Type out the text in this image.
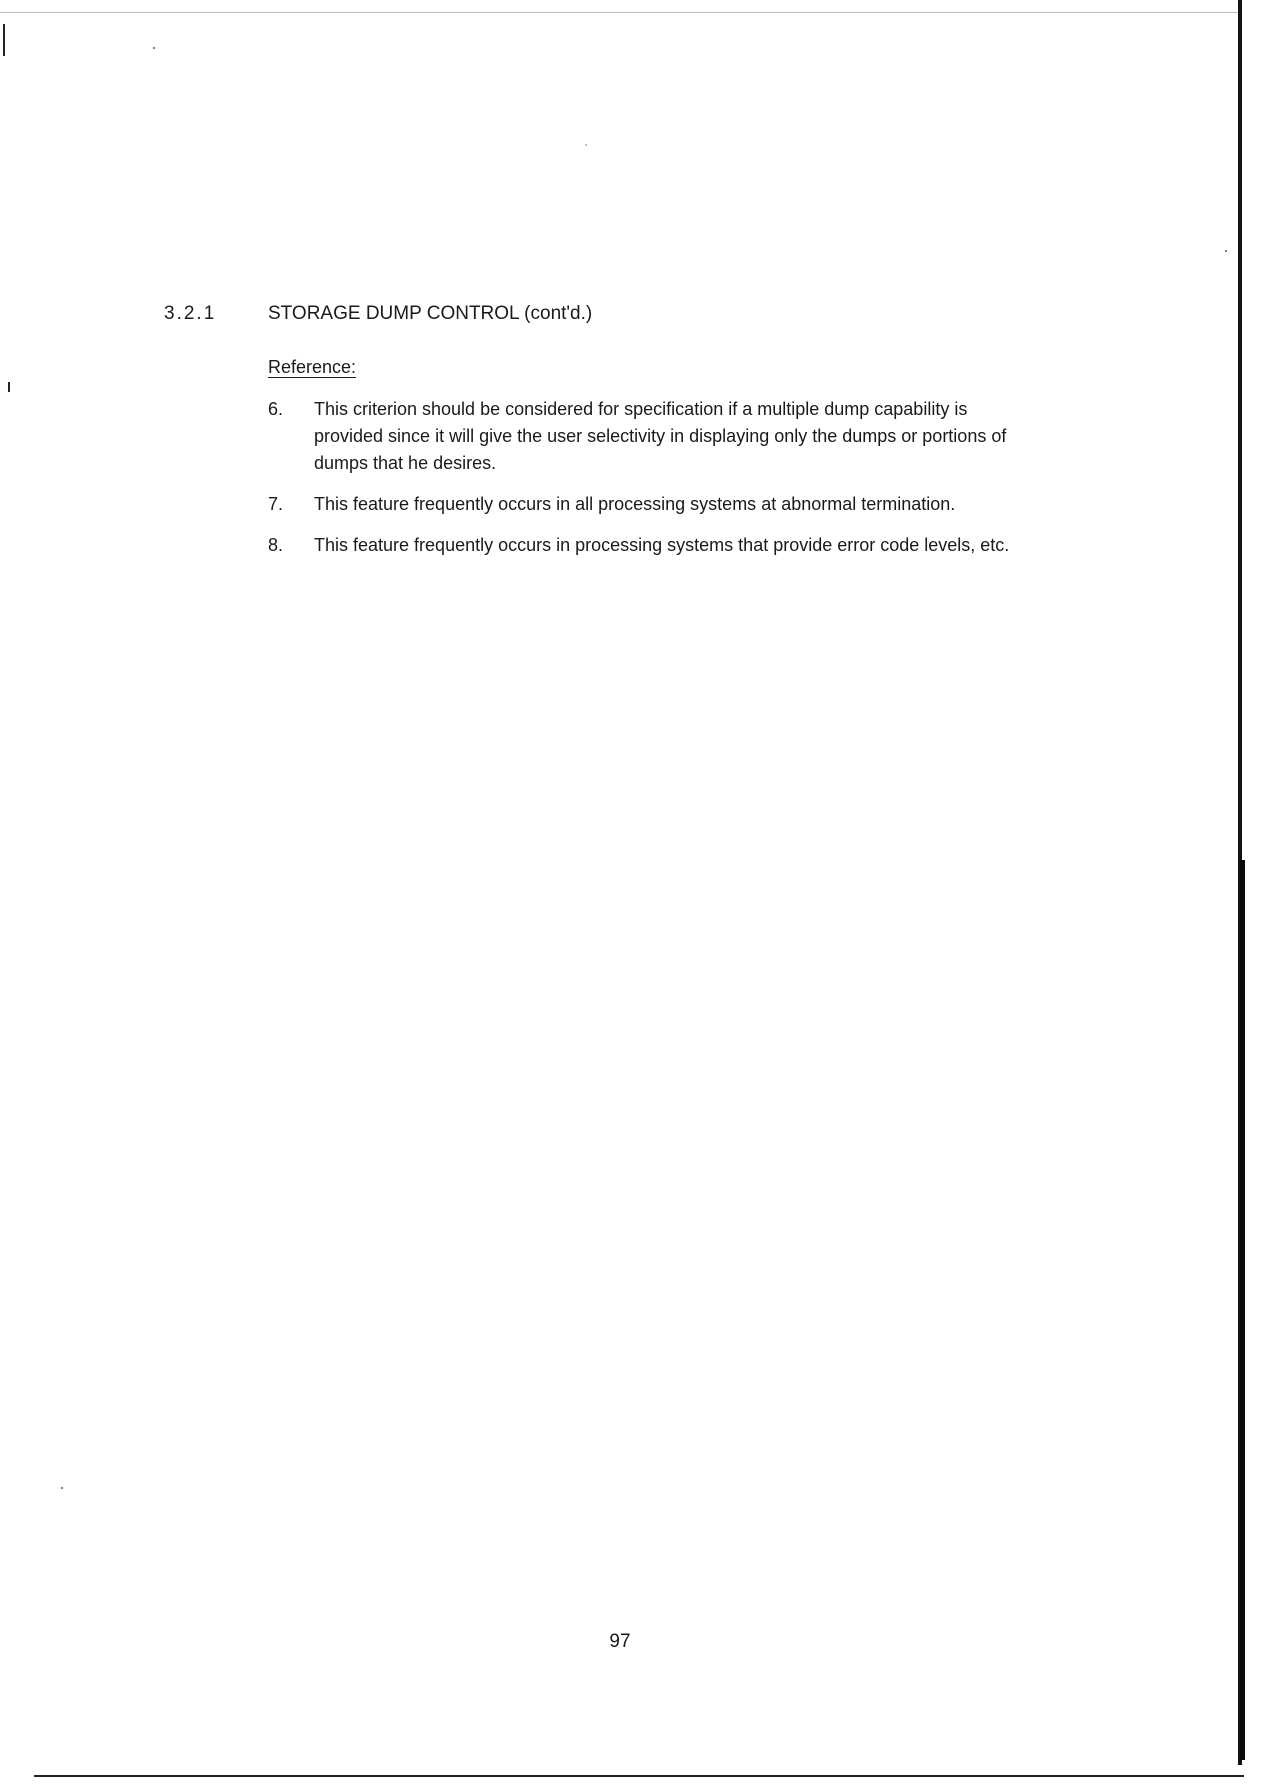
3.2.1	STORAGE DUMP CONTROL (cont'd.)
Reference:
6.	This criterion should be considered for specification if a multiple dump capability is provided since it will give the user selectivity in displaying only the dumps or portions of dumps that he desires.
7.	This feature frequently occurs in all processing systems at abnormal termination.
8.	This feature frequently occurs in processing systems that provide error code levels, etc.
97
